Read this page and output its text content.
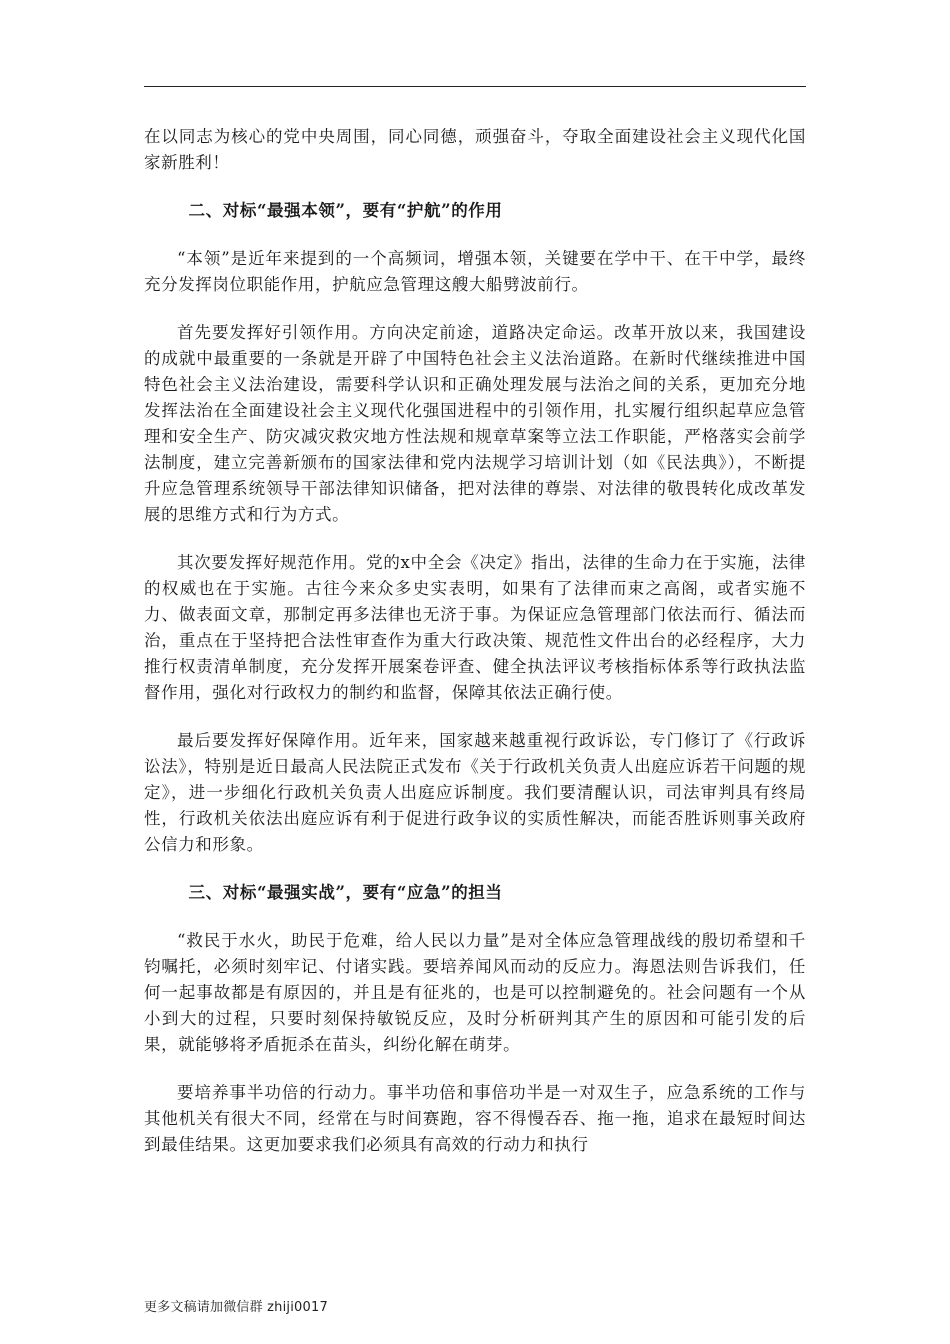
在以同志为核心的党中央周围，同心同德，顽强奋斗，夺取全面建设社会主义现代化国家新胜利！

二、对标“最强本领”，要有“护航”的作用

“本领”是近年来提到的一个高频词，增强本领，关键要在学中干、在干中学，最终充分发挥岗位职能作用，护航应急管理这艘大船劈波前行。

首先要发挥好引领作用。方向决定前途，道路决定命运。改革开放以来，我国建设的成就中最重要的一条就是开辟了中国特色社会主义法治道路。在新时代继续推进中国特色社会主义法治建设，需要科学认识和正确处理发展与法治之间的关系，更加充分地发挥法治在全面建设社会主义现代化强国进程中的引领作用，扎实履行组织起草应急管理和安全生产、防灾减灾救灾地方性法规和规章草案等立法工作职能，严格落实会前学法制度，建立完善新颁布的国家法律和党内法规学习培训计划（如《民法典》），不断提升应急管理系统领导干部法律知识储备，把对法律的尊崇、对法律的敬畏转化成改革发展的思维方式和行为方式。

其次要发挥好规范作用。党的x中全会《决定》指出，法律的生命力在于实施，法律的权威也在于实施。古往今来众多史实表明，如果有了法律而束之高阁，或者实施不力、做表面文章，那制定再多法律也无济于事。为保证应急管理部门依法而行、循法而治，重点在于坚持把合法性审查作为重大行政决策、规范性文件出台的必经程序，大力推行权责清单制度，充分发挥开展案卷评查、健全执法评议考核指标体系等行政执法监督作用，强化对行政权力的制约和监督，保障其依法正确行使。

最后要发挥好保障作用。近年来，国家越来越重视行政诉讼，专门修订了《行政诉讼法》，特别是近日最高人民法院正式发布《关于行政机关负责人出庭应诉若干问题的规定》，进一步细化行政机关负责人出庭应诉制度。我们要清醒认识，司法审判具有终局性，行政机关依法出庭应诉有利于促进行政争议的实质性解决，而能否胜诉则事关政府公信力和形象。

三、对标“最强实战”，要有“应急”的担当

“救民于水火，助民于危难，给人民以力量”是对全体应急管理战线的殷切希望和千钧嘱托，必须时刻牢记、付诸实践。要培养闻风而动的反应力。海恩法则告诉我们，任何一起事故都是有原因的，并且是有征兆的，也是可以控制避免的。社会问题有一个从小到大的过程，只要时刻保持敏锐反应，及时分析研判其产生的原因和可能引发的后果，就能够将矛盾扼杀在苗头，纠纷化解在萌芽。

要培养事半功倍的行动力。事半功倍和事倍功半是一对双生子，应急系统的工作与其他机关有很大不同，经常在与时间赛跑，容不得慢吞吞、拖一拖，追求在最短时间达到最佳结果。这更加要求我们必须具有高效的行动力和执行

更多文稿请加微信群 zhiji0017
